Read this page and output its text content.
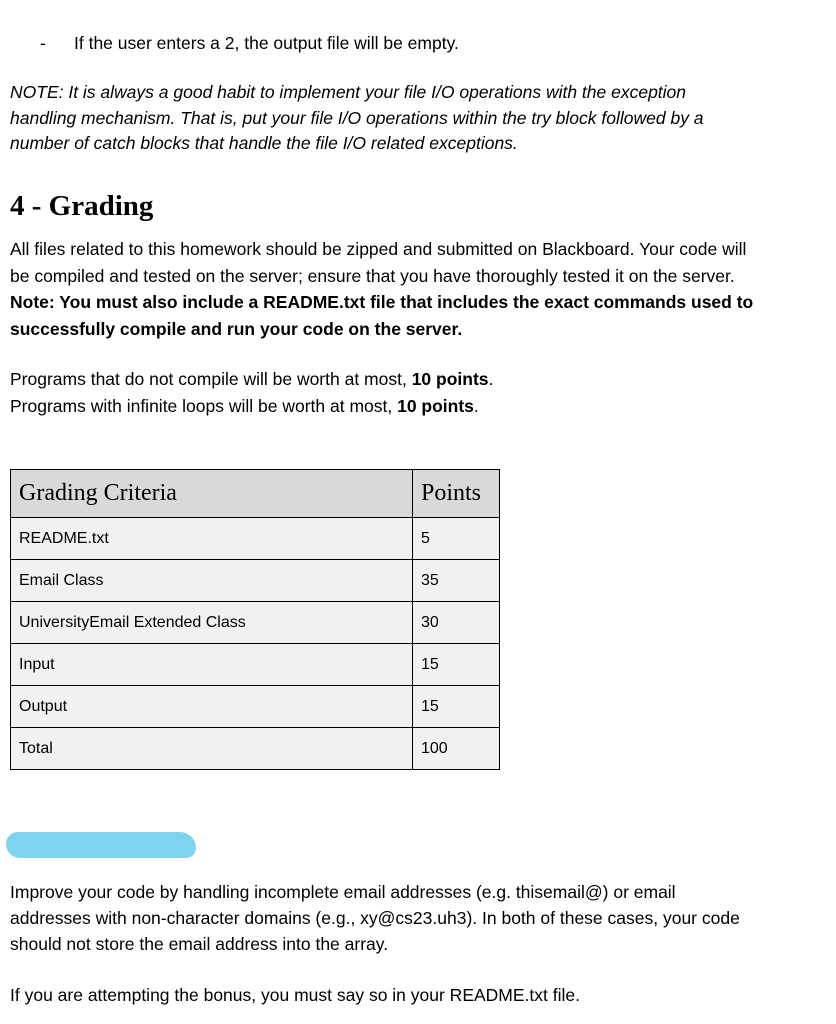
- If the user enters a 2, the output file will be empty.

NOTE: It is always a good habit to implement your file I/O operations with the exception
handling mechanism. That is, put your file I/O operations within the try block followed by a
number of catch blocks that handle the file I/O related exceptions.

4 - Grading

All files related to this homework should be zipped and submitted on Blackboard. Your code will
be compiled and tested on the server; ensure that you have thoroughly tested it on the server.
Note: You must also include a README.txt file that includes the exact commands used to
successfully compile and run your code on the server.

Programs that do not compile will be worth at most, 10 points.
Programs with infinite loops will be worth at most, 10 points.

Grading Criteria	Points
README.txt	5
Email Class	35
UniversityEmail Extended Class	30
Input	15
Output	15
Total	100

Improve your code by handling incomplete email addresses (e.g. thisemail@) or email
addresses with non-character domains (e.g., xy@cs23.uh3). In both of these cases, your code
should not store the email address into the array.

If you are attempting the bonus, you must say so in your README.txt file.
